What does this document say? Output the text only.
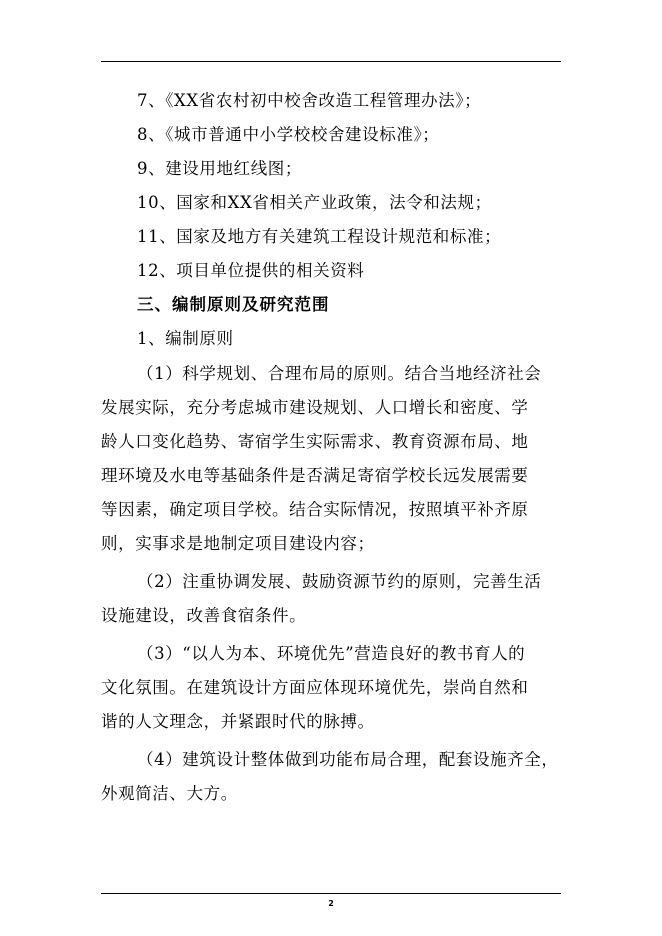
7、《XX省农村初中校舍改造工程管理办法》；
8、《城市普通中小学校校舍建设标准》；
9、建设用地红线图；
10、国家和XX省相关产业政策，法令和法规；
11、国家及地方有关建筑工程设计规范和标准；
12、项目单位提供的相关资料
三、编制原则及研究范围
1、编制原则
（1）科学规划、合理布局的原则。结合当地经济社会
发展实际，充分考虑城市建设规划、人口增长和密度、学
龄人口变化趋势、寄宿学生实际需求、教育资源布局、地
理环境及水电等基础条件是否满足寄宿学校长远发展需要
等因素，确定项目学校。结合实际情况，按照填平补齐原
则，实事求是地制定项目建设内容；
（2）注重协调发展、鼓励资源节约的原则，完善生活
设施建设，改善食宿条件。
（3）“以人为本、环境优先”营造良好的教书育人的
文化氛围。在建筑设计方面应体现环境优先，崇尚自然和
谐的人文理念，并紧跟时代的脉搏。
（4）建筑设计整体做到功能布局合理，配套设施齐全，
外观简洁、大方。
2
